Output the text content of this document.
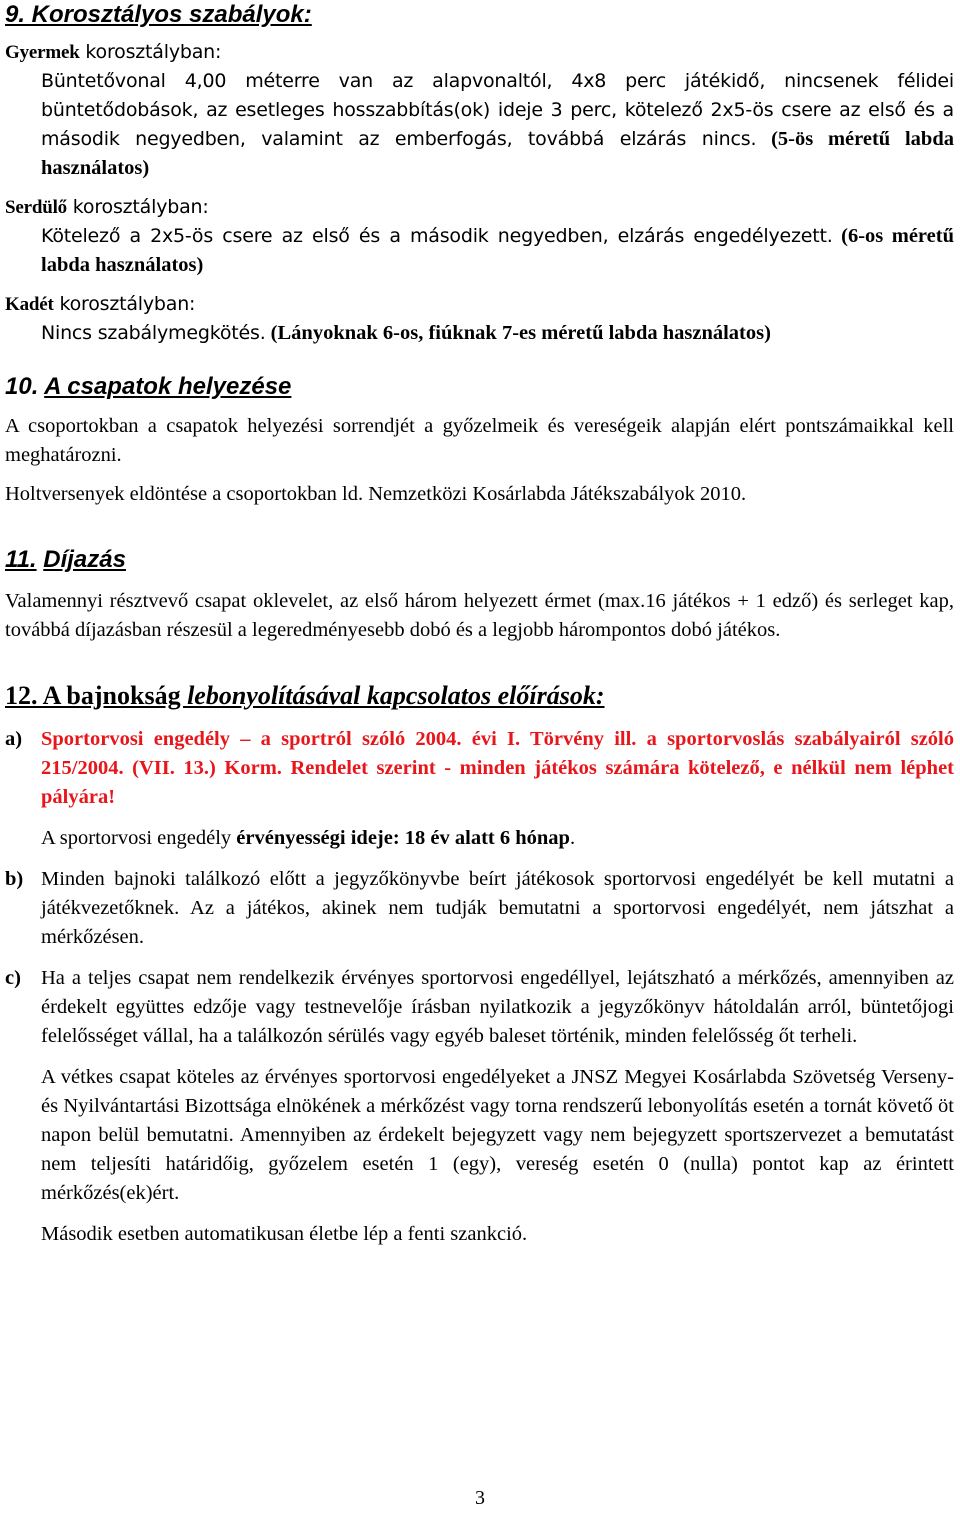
9. Korosztályos szabályok:

Gyermek korosztályban:

Büntetővonal 4,00 méterre van az alapvonaltól, 4x8 perc játékidő, nincsenek félidei büntetődobások, az esetleges hosszabbítás(ok) ideje 3 perc, kötelező 2x5-ös csere az első és a második negyedben, valamint az emberfogás, továbbá elzárás nincs. (5-ös méretű labda használatos)

Serdülő korosztályban:

Kötelező a 2x5-ös csere az első és a második negyedben, elzárás engedélyezett. (6-os méretű labda használatos)

Kadét korosztályban:

Nincs szabálymegkötés. (Lányoknak 6-os, fiúknak 7-es méretű labda használatos)

10. A csapatok helyezése

A csoportokban a csapatok helyezési sorrendjét a győzelmeik és vereségeik alapján elért pontszámaikkal kell meghatározni.

Holtversenyek eldöntése a csoportokban ld. Nemzetközi Kosárlabda Játékszabályok 2010.

11. Díjazás

Valamennyi résztvevő csapat oklevelet, az első három helyezett érmet (max.16 játékos + 1 edző) és serleget kap, továbbá díjazásban részesül a legeredményesebb dobó és a legjobb hárompontos dobó játékos.

12. A bajnokság lebonyolításával kapcsolatos előírások:
a) Sportorvosi engedély – a sportról szóló 2004. évi I. Törvény ill. a sportorvoslás szabályairól szóló 215/2004. (VII. 13.) Korm. Rendelet szerint - minden játékos számára kötelező, e nélkül nem léphet pályára!

A sportorvosi engedély érvényességi ideje: 18 év alatt 6 hónap.

b) Minden bajnoki találkozó előtt a jegyzőkönyvbe beírt játékosok sportorvosi engedélyét be kell mutatni a játékvezetőknek. Az a játékos, akinek nem tudják bemutatni a sportorvosi engedélyét, nem játszhat a mérkőzésen.
c) Ha a teljes csapat nem rendelkezik érvényes sportorvosi engedéllyel, lejátszható a mérkőzés, amennyiben az érdekelt együttes edzője vagy testnevelője írásban nyilatkozik a jegyzőkönyv hátoldalán arról, büntetőjogi felelősséget vállal, ha a találkozón sérülés vagy egyéb baleset történik, minden felelősség őt terheli.

A vétkes csapat köteles az érvényes sportorvosi engedélyeket a JNSZ Megyei Kosárlabda Szövetség Verseny- és Nyilvántartási Bizottsága elnökének a mérkőzést vagy torna rendszerű lebonyolítás esetén a tornát követő öt napon belül bemutatni. Amennyiben az érdekelt bejegyzett vagy nem bejegyzett sportszervezet a bemutatást nem teljesíti határidőig, győzelem esetén 1 (egy), vereség esetén 0 (nulla) pontot kap az érintett mérkőzés(ek)ért.

Második esetben automatikusan életbe lép a fenti szankció.

3
